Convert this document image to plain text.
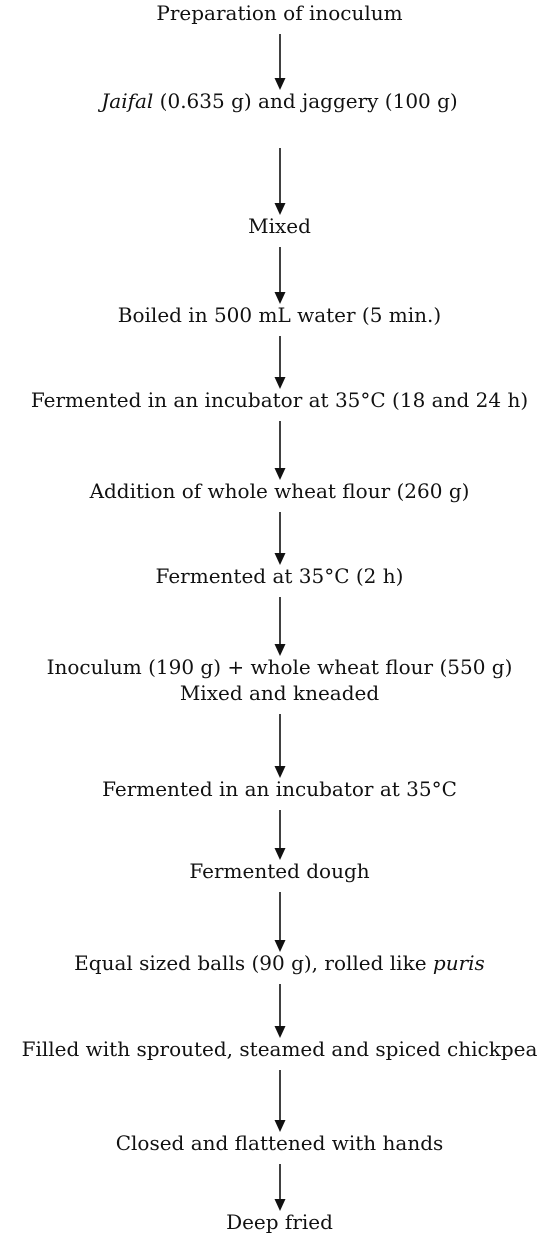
Preparation of inoculum
Jaifal (0.635 g) and jaggery (100 g)
Mixed
Boiled in 500 mL water (5 min.)
Fermented in an incubator at 35°C (18 and 24 h)
Addition of whole wheat flour (260 g)
Fermented at 35°C (2 h)
Inoculum (190 g) + whole wheat flour (550 g)
Mixed and kneaded
Fermented in an incubator at 35°C
Fermented dough
Equal sized balls (90 g), rolled like puris
Filled with sprouted, steamed and spiced chickpea
Closed and flattened with hands
Deep fried
